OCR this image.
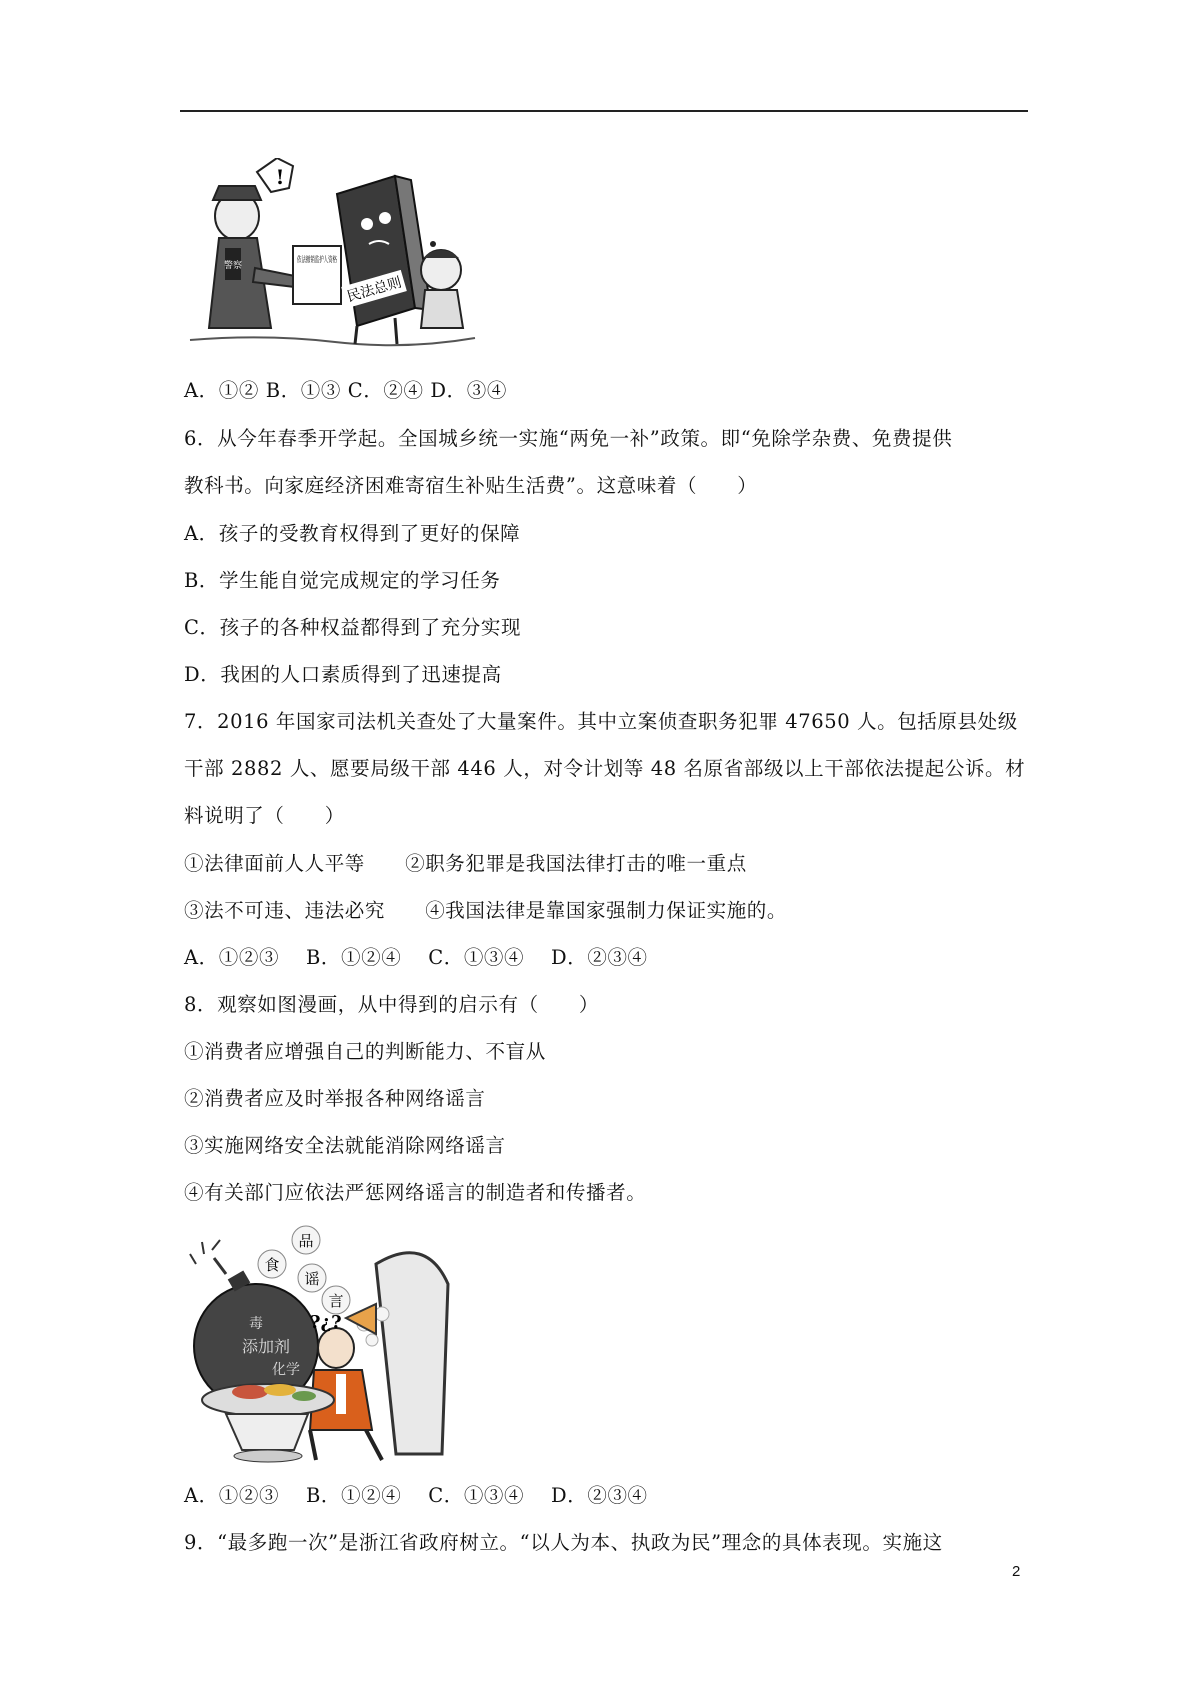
警察
!
依法撤销监护人资格
民法总则
A．①② B．①③ C．②④ D．③④
6．从今年春季开学起。全国城乡统一实施“两免一补”政策。即“免除学杂费、免费提供
教科书。向家庭经济困难寄宿生补贴生活费”。这意味着（　　）
A．孩子的受教育权得到了更好的保障
B．学生能自觉完成规定的学习任务
C．孩子的各种权益都得到了充分实现
D．我困的人口素质得到了迅速提高
7．2016 年国家司法机关查处了大量案件。其中立案侦查职务犯罪 47650 人。包括原县处级
干部 2882 人、愿要局级干部 446 人，对令计划等 48 名原省部级以上干部依法提起公诉。材
料说明了（　　）
①法律面前人人平等　　②职务犯罪是我国法律打击的唯一重点
③法不可违、违法必究　　④我国法律是靠国家强制力保证实施的。
A．①②③　 B．①②④　 C．①③④　 D．②③④
8．观察如图漫画，从中得到的启示有（　　）
①消费者应增强自己的判断能力、不盲从
②消费者应及时举报各种网络谣言
③实施网络安全法就能消除网络谣言
④有关部门应依法严惩网络谣言的制造者和传播者。
品
食
谣
言
毒
添加剂
化学
?¿?
A．①②③　 B．①②④　 C．①③④　 D．②③④
9．“最多跑一次”是浙江省政府树立。“以人为本、执政为民”理念的具体表现。实施这
2
